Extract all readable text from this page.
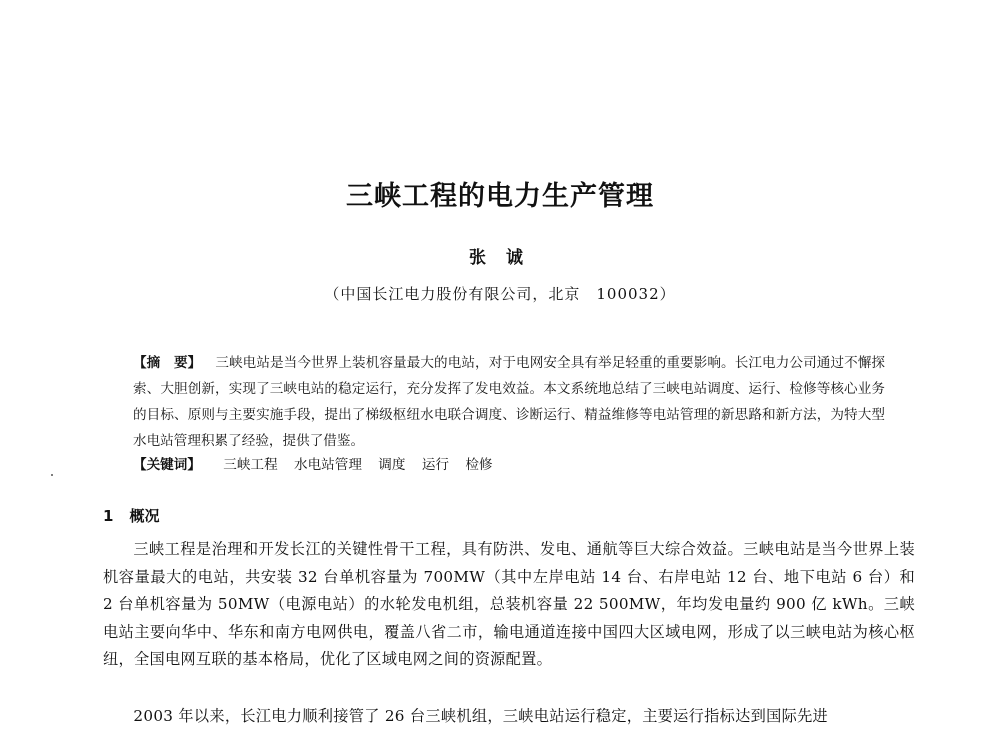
三峡工程的电力生产管理
张诚
（中国长江电力股份有限公司，北京　100032）
【摘　要】 三峡电站是当今世界上装机容量最大的电站，对于电网安全具有举足轻重的重要影响。长江电力公司通过不懈探索、大胆创新，实现了三峡电站的稳定运行，充分发挥了发电效益。本文系统地总结了三峡电站调度、运行、检修等核心业务的目标、原则与主要实施手段，提出了梯级枢纽水电联合调度、诊断运行、精益维修等电站管理的新思路和新方法，为特大型水电站管理积累了经验，提供了借鉴。
【关键词】 三峡工程 水电站管理 调度 运行 检修
1 概况
三峡工程是治理和开发长江的关键性骨干工程，具有防洪、发电、通航等巨大综合效益。三峡电站是当今世界上装机容量最大的电站，共安装 32 台单机容量为 700MW（其中左岸电站 14 台、右岸电站 12 台、地下电站 6 台）和 2 台单机容量为 50MW（电源电站）的水轮发电机组，总装机容量 22 500MW，年均发电量约 900 亿 kWh。三峡电站主要向华中、华东和南方电网供电，覆盖八省二市，输电通道连接中国四大区域电网，形成了以三峡电站为核心枢纽，全国电网互联的基本格局，优化了区域电网之间的资源配置。
2003 年以来，长江电力顺利接管了 26 台三峡机组，三峡电站运行稳定，主要运行指标达到国际先进
